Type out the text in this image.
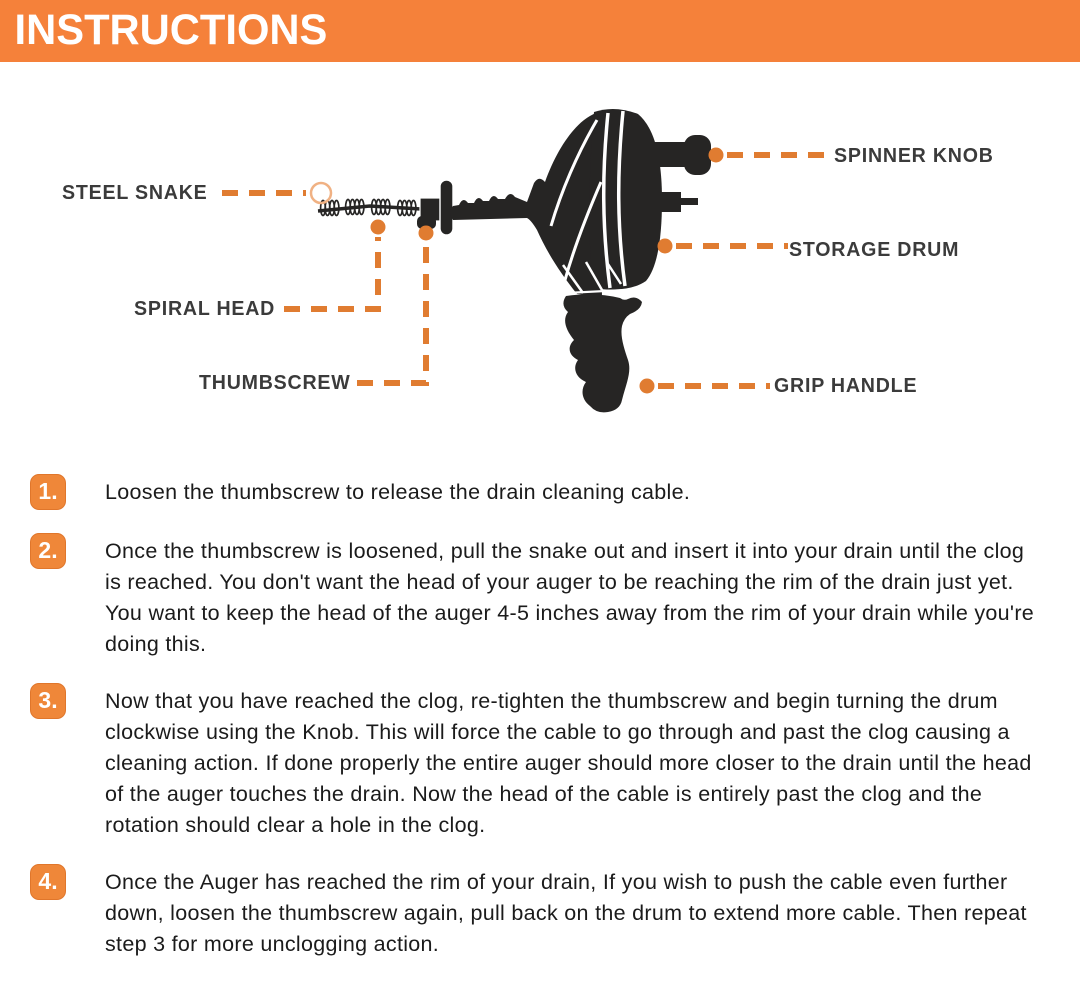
INSTRUCTIONS
STEEL SNAKE
SPIRAL HEAD
THUMBSCREW
SPINNER KNOB
STORAGE DRUM
GRIP HANDLE
1.	Loosen the thumbscrew to release the drain cleaning cable.

2.	Once the thumbscrew is loosened, pull the snake out and insert it into your drain until the clog is reached. You don't want the head of your auger to be reaching the rim of the drain just yet. You want to keep the head of the auger 4-5 inches away from the rim of your drain while you're doing this.

3.	Now that you have reached the clog, re-tighten the thumbscrew and begin turning the drum clockwise using the Knob. This will force the cable to go through and past the clog causing a cleaning action. If done properly the entire auger should more closer to the drain until the head of the auger touches the drain. Now the head of the cable is entirely past the clog and the rotation should clear a hole in the clog.

4.	Once the Auger has reached the rim of your drain, If you wish to push the cable even further down, loosen the thumbscrew again, pull back on the drum to extend more cable. Then repeat step 3 for more unclogging action.
